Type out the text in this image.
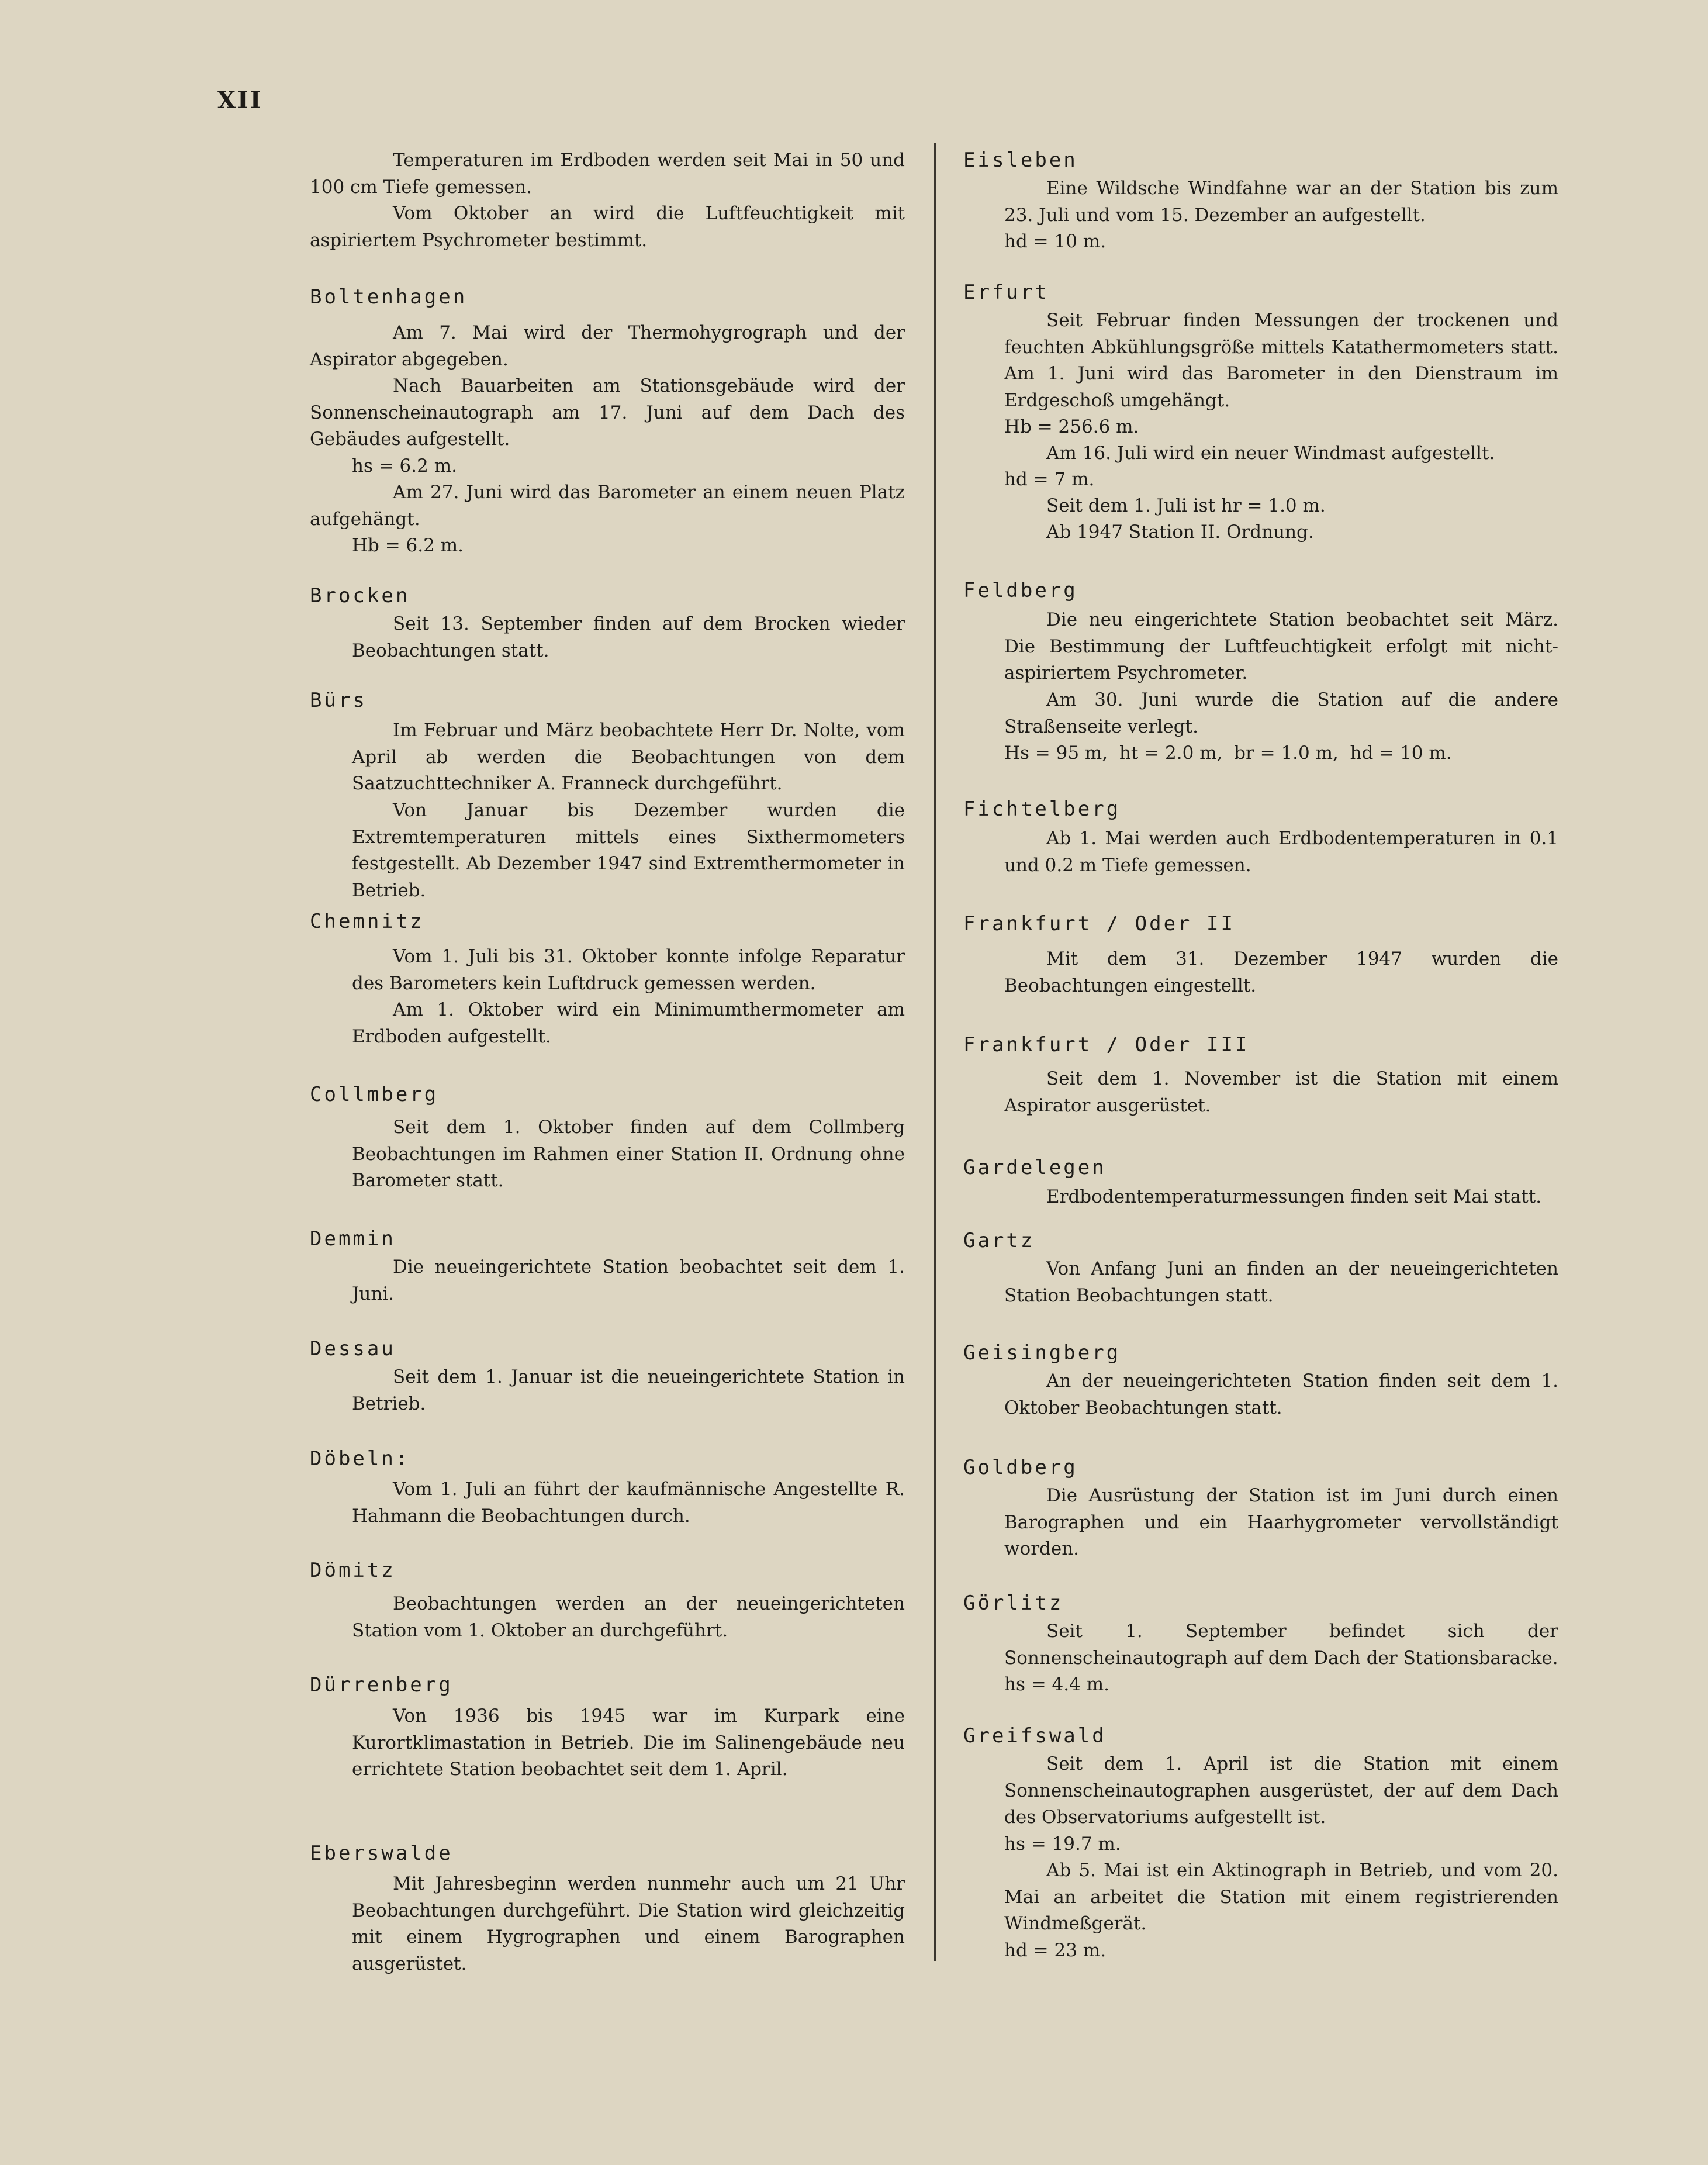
XII

Temperaturen im Erdboden werden seit Mai in 50 und 100 cm Tiefe gemessen.

Vom Oktober an wird die Luftfeuchtigkeit mit aspiriertem Psychrometer bestimmt.

Boltenhagen

Am 7. Mai wird der Thermohygrograph und der Aspirator abgegeben.

Nach Bauarbeiten am Stationsgebäude wird der Sonnenscheinautograph am 17. Juni auf dem Dach des Gebäudes aufgestellt.

hs = 6.2 m.

Am 27. Juni wird das Barometer an einem neuen Platz aufgehängt.

Hb = 6.2 m.

Brocken

Seit 13. September finden auf dem Brocken wieder Beobachtungen statt.

Bürs

Im Februar und März beobachtete Herr Dr. Nolte, vom April ab werden die Beobachtungen von dem Saatzuchttechniker A. Franneck durchgeführt.

Von Januar bis Dezember wurden die Extremtemperaturen mittels eines Sixthermometers festgestellt. Ab Dezember 1947 sind Extremthermometer in Betrieb.

Chemnitz

Vom 1. Juli bis 31. Oktober konnte infolge Reparatur des Barometers kein Luftdruck gemessen werden.

Am 1. Oktober wird ein Minimumthermometer am Erdboden aufgestellt.

Collmberg

Seit dem 1. Oktober finden auf dem Collmberg Beobachtungen im Rahmen einer Station II. Ordnung ohne Barometer statt.

Demmin

Die neueingerichtete Station beobachtet seit dem 1. Juni.

Dessau

Seit dem 1. Januar ist die neueingerichtete Station in Betrieb.

Döbeln:

Vom 1. Juli an führt der kaufmännische Angestellte R. Hahmann die Beobachtungen durch.

Dömitz

Beobachtungen werden an der neueingerichteten Station vom 1. Oktober an durchgeführt.

Dürrenberg

Von 1936 bis 1945 war im Kurpark eine Kurortklimastation in Betrieb. Die im Salinengebäude neu errichtete Station beobachtet seit dem 1. April.

Eberswalde

Mit Jahresbeginn werden nunmehr auch um 21 Uhr Beobachtungen durchgeführt. Die Station wird gleichzeitig mit einem Hygrographen und einem Barographen ausgerüstet.

Eisleben

Eine Wildsche Windfahne war an der Station bis zum 23. Juli und vom 15. Dezember an aufgestellt.

hd = 10 m.

Erfurt

Seit Februar finden Messungen der trockenen und feuchten Abkühlungsgröße mittels Katathermometers statt. Am 1. Juni wird das Barometer in den Dienstraum im Erdgeschoß umgehängt.

Hb = 256.6 m.

Am 16. Juli wird ein neuer Windmast aufgestellt.

hd = 7 m.

Seit dem 1. Juli ist hr = 1.0 m.

Ab 1947 Station II. Ordnung.

Feldberg

Die neu eingerichtete Station beobachtet seit März. Die Bestimmung der Luftfeuchtigkeit erfolgt mit nicht-aspiriertem Psychrometer.

Am 30. Juni wurde die Station auf die andere Straßenseite verlegt.

Hs = 95 m,  ht = 2.0 m,  br = 1.0 m,  hd = 10 m.

Fichtelberg

Ab 1. Mai werden auch Erdbodentemperaturen in 0.1 und 0.2 m Tiefe gemessen.

Frankfurt / Oder II

Mit dem 31. Dezember 1947 wurden die Beobachtungen eingestellt.

Frankfurt / Oder III

Seit dem 1. November ist die Station mit einem Aspirator ausgerüstet.

Gardelegen

Erdbodentemperaturmessungen finden seit Mai statt.

Gartz

Von Anfang Juni an finden an der neueingerichteten Station Beobachtungen statt.

Geisingberg

An der neueingerichteten Station finden seit dem 1. Oktober Beobachtungen statt.

Goldberg

Die Ausrüstung der Station ist im Juni durch einen Barographen und ein Haarhygrometer vervollständigt worden.

Görlitz

Seit 1. September befindet sich der Sonnenscheinautograph auf dem Dach der Stationsbaracke.

hs = 4.4 m.

Greifswald

Seit dem 1. April ist die Station mit einem Sonnenscheinautographen ausgerüstet, der auf dem Dach des Observatoriums aufgestellt ist.

hs = 19.7 m.

Ab 5. Mai ist ein Aktinograph in Betrieb, und vom 20. Mai an arbeitet die Station mit einem registrierenden Windmeßgerät.

hd = 23 m.
